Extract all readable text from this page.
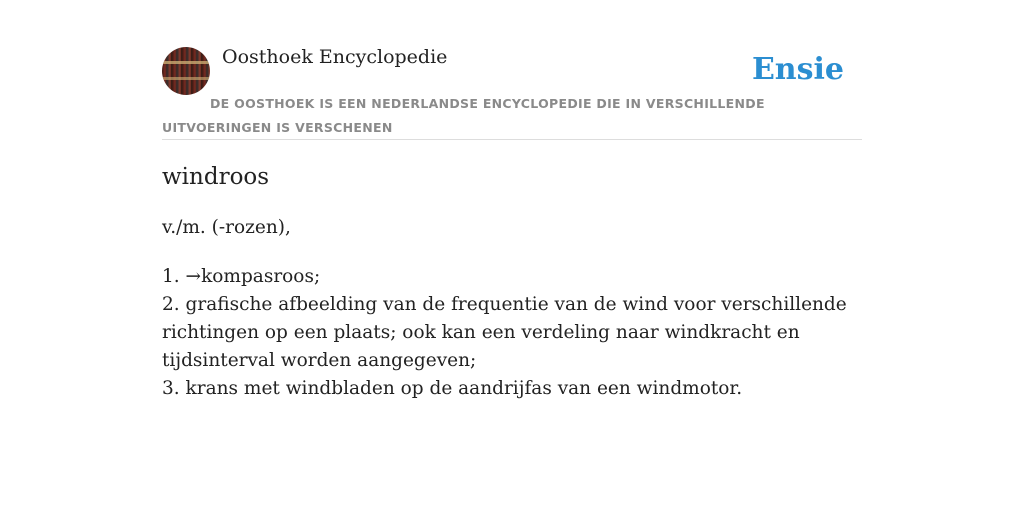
Oosthoek Encyclopedie	Ensie
DE OOSTHOEK IS EEN NEDERLANDSE ENCYCLOPEDIE DIE IN VERSCHILLENDE UITVOERINGEN IS VERSCHENEN
windroos
v./m. (-rozen),
1. →kompasroos;
2. grafische afbeelding van de frequentie van de wind voor verschillende richtingen op een plaats; ook kan een verdeling naar windkracht en tijdsinterval worden aangegeven;
3. krans met windbladen op de aandrijfas van een windmotor.
